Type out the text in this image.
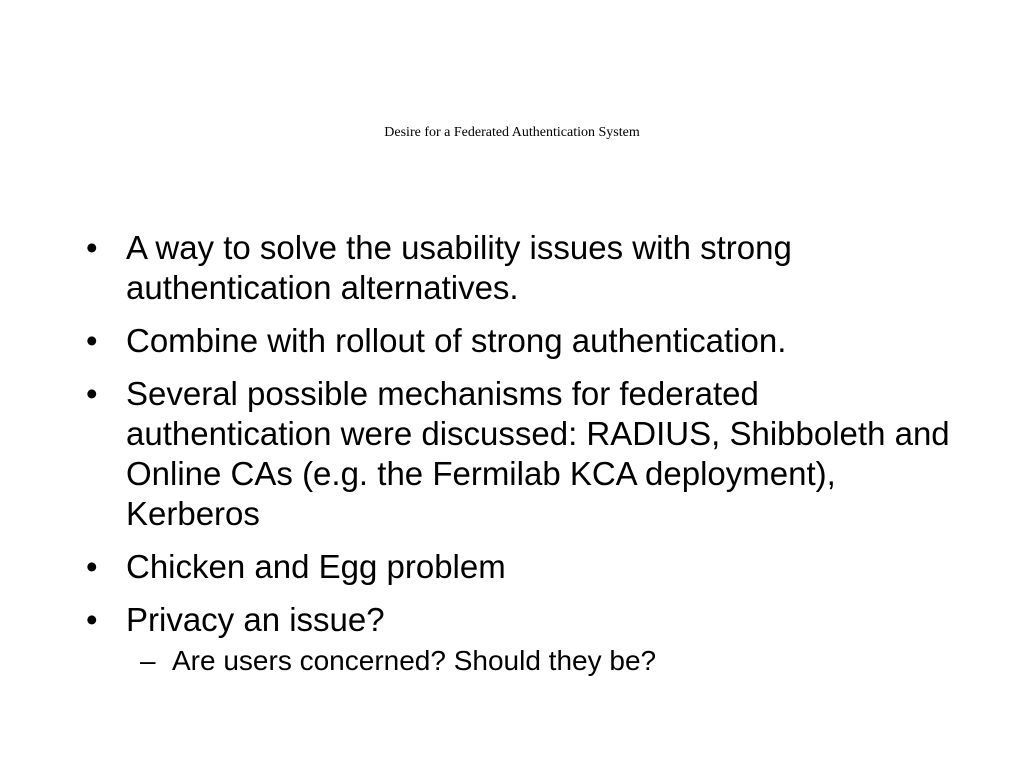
Desire for a Federated Authentication System
• A way to solve the usability issues with strong authentication alternatives.
• Combine with rollout of strong authentication.
• Several possible mechanisms for federated authentication were discussed: RADIUS, Shibboleth and Online CAs (e.g. the Fermilab KCA deployment), Kerberos
• Chicken and Egg problem
• Privacy an issue?
– Are users concerned? Should they be?
